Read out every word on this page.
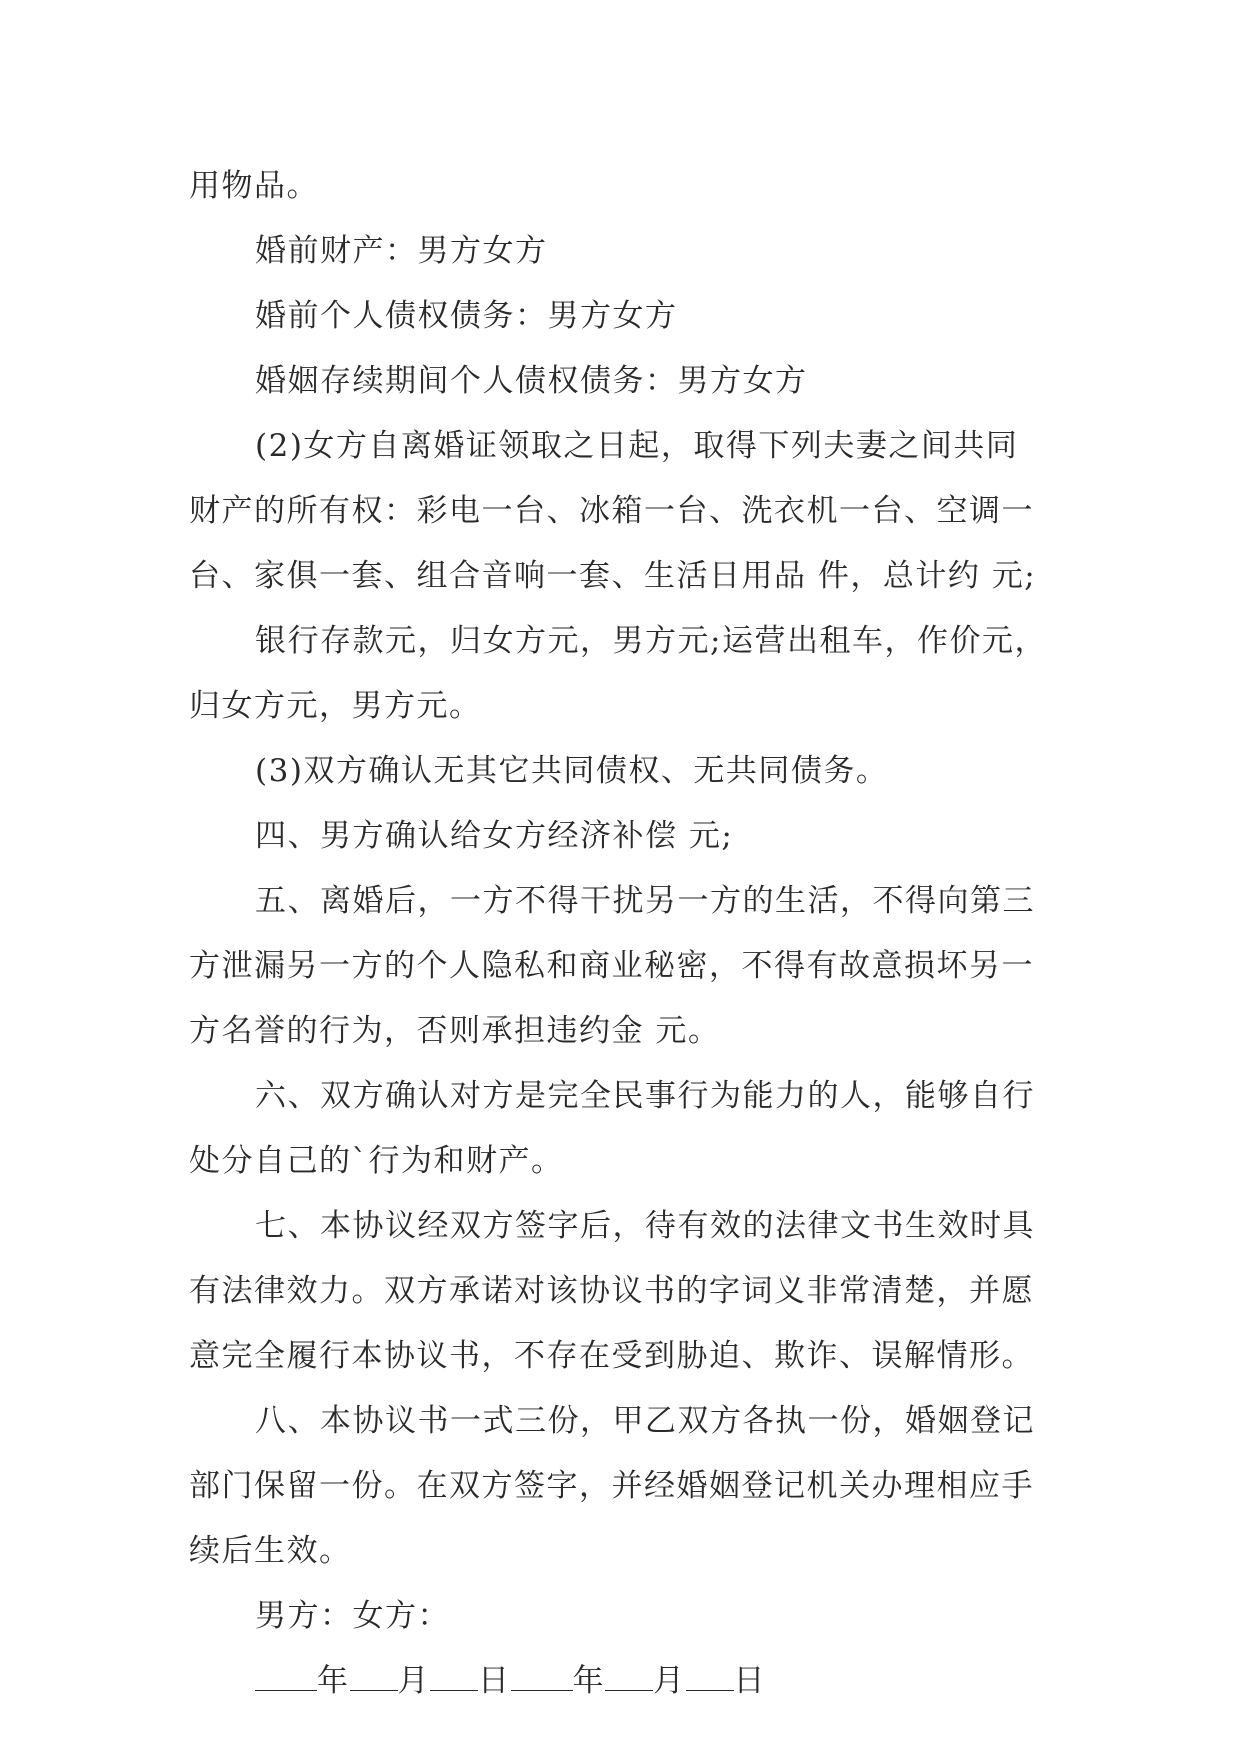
用物品。
婚前财产：男方女方
婚前个人债权债务：男方女方
婚姻存续期间个人债权债务：男方女方
(2)女方自离婚证领取之日起，取得下列夫妻之间共同
财产的所有权：彩电一台、冰箱一台、洗衣机一台、空调一
台、家俱一套、组合音响一套、生活日用品 件，总计约 元;
银行存款元，归女方元，男方元;运营出租车，作价元，
归女方元，男方元。
(3)双方确认无其它共同债权、无共同债务。
四、男方确认给女方经济补偿 元;
五、离婚后，一方不得干扰另一方的生活，不得向第三
方泄漏另一方的个人隐私和商业秘密，不得有故意损坏另一
方名誉的行为，否则承担违约金 元。
六、双方确认对方是完全民事行为能力的人，能够自行
处分自己的`行为和财产。
七、本协议经双方签字后，待有效的法律文书生效时具
有法律效力。双方承诺对该协议书的字词义非常清楚，并愿
意完全履行本协议书，不存在受到胁迫、欺诈、误解情形。
八、本协议书一式三份，甲乙双方各执一份，婚姻登记
部门保留一份。在双方签字，并经婚姻登记机关办理相应手
续后生效。
男方：女方：
年 月 日 年 月 日
